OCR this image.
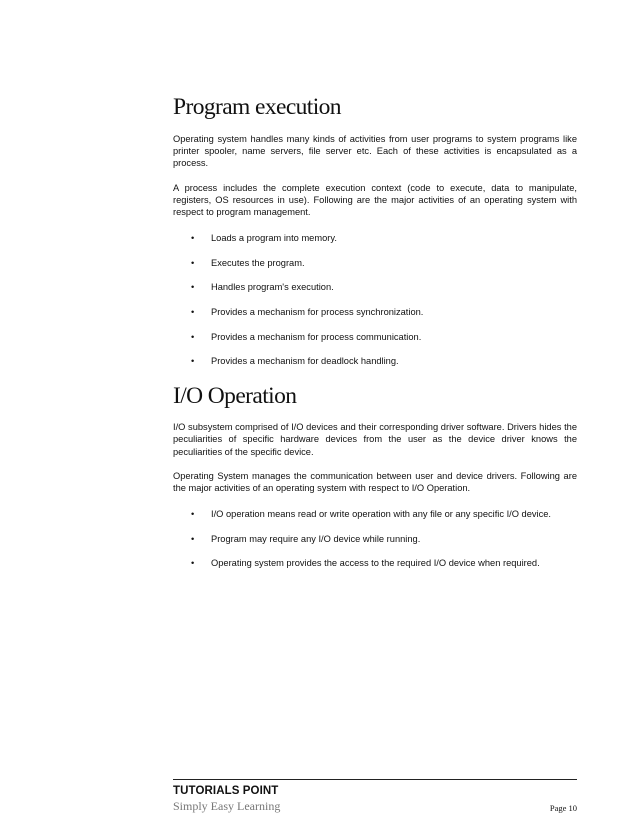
Program execution

Operating system handles many kinds of activities from user programs to system programs like printer spooler, name servers, file server etc. Each of these activities is encapsulated as a process.

A process includes the complete execution context (code to execute, data to manipulate, registers, OS resources in use). Following are the major activities of an operating system with respect to program management.

• Loads a program into memory.
• Executes the program.
• Handles program's execution.
• Provides a mechanism for process synchronization.
• Provides a mechanism for process communication.
• Provides a mechanism for deadlock handling.
I/O Operation

I/O subsystem comprised of I/O devices and their corresponding driver software. Drivers hides the peculiarities of specific hardware devices from the user as the device driver knows the peculiarities of the specific device.

Operating System manages the communication between user and device drivers. Following are the major activities of an operating system with respect to I/O Operation.

• I/O operation means read or write operation with any file or any specific I/O device.
• Program may require any I/O device while running.
• Operating system provides the access to the required I/O device when required.
TUTORIALS POINT
Simply Easy Learning	Page 10
